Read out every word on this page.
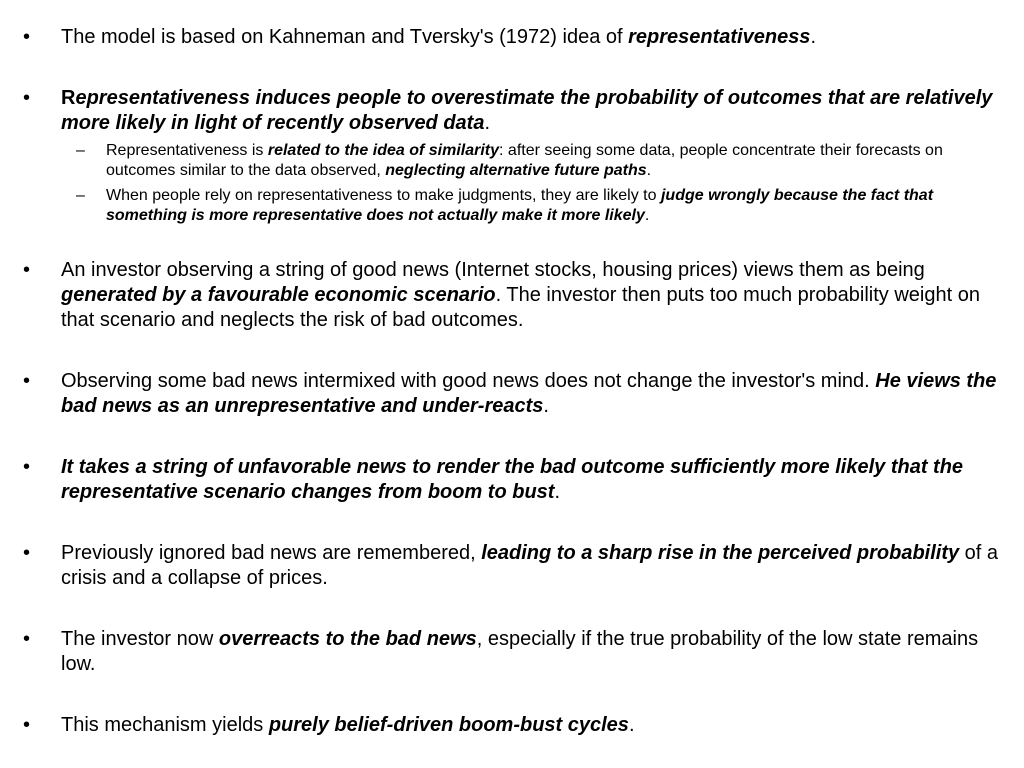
• The model is based on Kahneman and Tversky's (1972) idea of representativeness.
• Representativeness induces people to overestimate the probability of outcomes that are relatively more likely in light of recently observed data.
– Representativeness is related to the idea of similarity: after seeing some data, people concentrate their forecasts on outcomes similar to the data observed, neglecting alternative future paths.
– When people rely on representativeness to make judgments, they are likely to judge wrongly because the fact that something is more representative does not actually make it more likely.
• An investor observing a string of good news (Internet stocks, housing prices) views them as being generated by a favourable economic scenario. The investor then puts too much probability weight on that scenario and neglects the risk of bad outcomes.
• Observing some bad news intermixed with good news does not change the investor's mind. He views the bad news as an unrepresentative and under-reacts.
• It takes a string of unfavorable news to render the bad outcome sufficiently more likely that the representative scenario changes from boom to bust.
• Previously ignored bad news are remembered, leading to a sharp rise in the perceived probability of a crisis and a collapse of prices.
• The investor now overreacts to the bad news, especially if the true probability of the low state remains low.
• This mechanism yields purely belief-driven boom-bust cycles.
